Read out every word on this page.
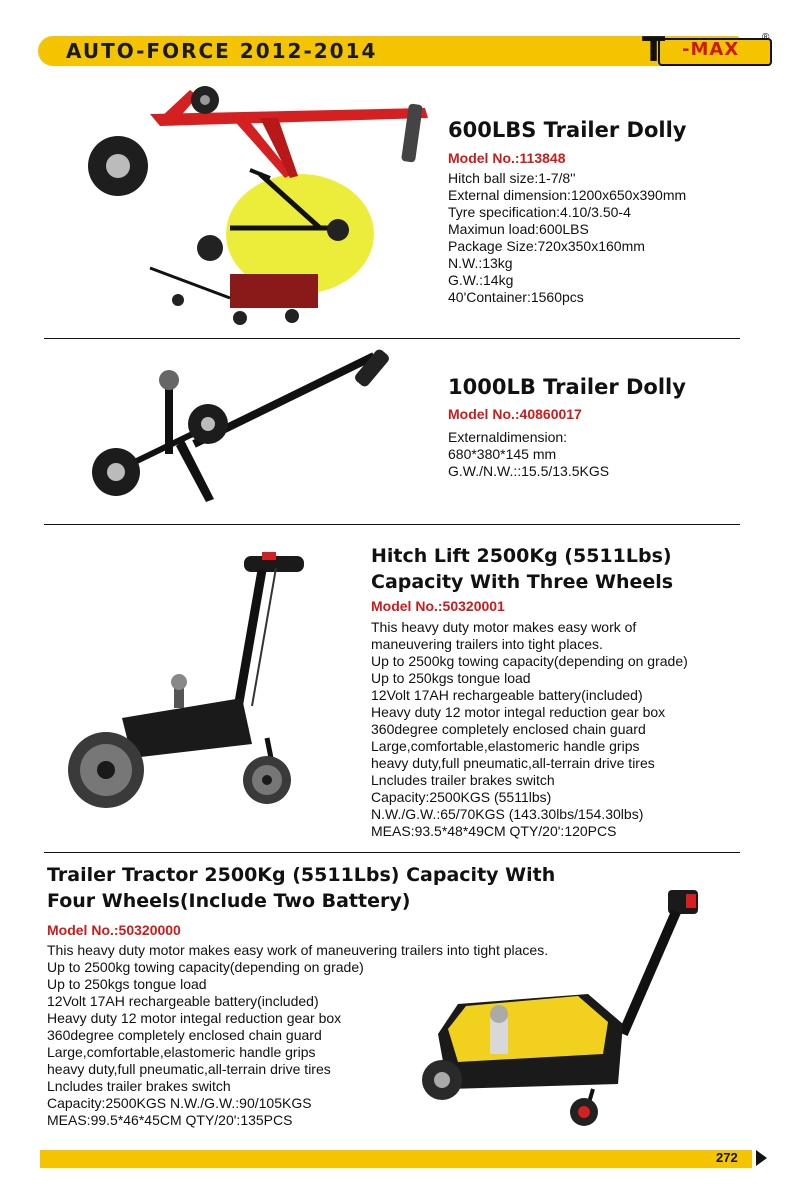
AUTO-FORCE 2012-2014	T -MAX
®
600LBS Trailer Dolly
Model No.:113848
Hitch ball size:1-7/8''
External dimension:1200x650x390mm
Tyre specification:4.10/3.50-4
Maximun load:600LBS
Package Size:720x350x160mm
N.W.:13kg
G.W.:14kg
40'Container:1560pcs
1000LB Trailer Dolly
Model No.:40860017
Externaldimension:
680*380*145 mm
G.W./N.W.::15.5/13.5KGS
Hitch Lift 2500Kg (5511Lbs)
Capacity With Three Wheels
Model No.:50320001
This heavy duty motor makes easy work of
maneuvering trailers into tight places.
Up to 2500kg towing capacity(depending on grade)
Up to 250kgs tongue load
12Volt 17AH rechargeable battery(included)
Heavy duty 12 motor integal reduction gear box
360degree completely enclosed chain guard
Large,comfortable,elastomeric handle grips
heavy duty,full pneumatic,all-terrain drive tires
Lncludes trailer brakes switch
Capacity:2500KGS (5511lbs)
N.W./G.W.:65/70KGS (143.30lbs/154.30lbs)
MEAS:93.5*48*49CM QTY/20':120PCS
Trailer Tractor 2500Kg (5511Lbs) Capacity With
Four Wheels(Include Two Battery)
Model No.:50320000
This heavy duty motor makes easy work of maneuvering trailers into tight places.
Up to 2500kg towing capacity(depending on grade)
Up to 250kgs tongue load
12Volt 17AH rechargeable battery(included)
Heavy duty 12 motor integal reduction gear box
360degree completely enclosed chain guard
Large,comfortable,elastomeric handle grips
heavy duty,full pneumatic,all-terrain drive tires
Lncludes trailer brakes switch
Capacity:2500KGS N.W./G.W.:90/105KGS
MEAS:99.5*46*45CM QTY/20':135PCS
272
